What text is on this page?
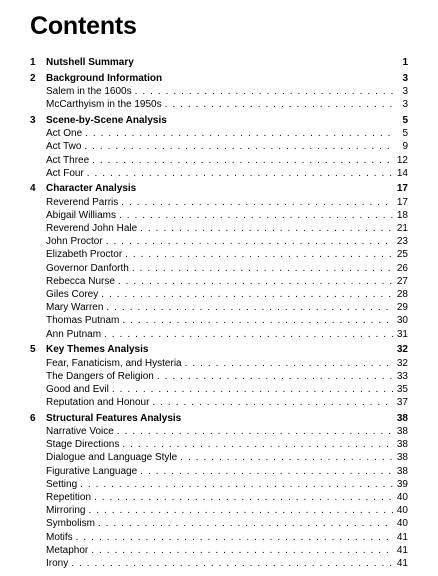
Contents
1	Nutshell Summary	1
2	Background Information	3
Salem in the 1600s . . .	3
McCarthyism in the 1950s . . .	3
3	Scene-by-Scene Analysis	5
Act One . . .	5
Act Two . . .	9
Act Three . . .	12
Act Four . . .	14
4	Character Analysis	17
Reverend Parris . . .	17
Abigail Williams . . .	18
Reverend John Hale . . .	21
John Proctor . . .	23
Elizabeth Proctor . . .	25
Governor Danforth . . .	26
Rebecca Nurse . . .	27
Giles Corey . . .	28
Mary Warren . . .	29
Thomas Putnam . . .	30
Ann Putnam . . .	31
5	Key Themes Analysis	32
Fear, Fanaticism, and Hysteria . . .	32
The Dangers of Religion . . .	33
Good and Evil . . .	35
Reputation and Honour . . .	37
6	Structural Features Analysis	38
Narrative Voice . . .	38
Stage Directions . . .	38
Dialogue and Language Style . . .	38
Figurative Language . . .	38
Setting . . .	39
Repetition . . .	40
Mirroring . . .	40
Symbolism . . .	40
Motifs . . .	41
Metaphor . . .	41
Irony . . .	41
